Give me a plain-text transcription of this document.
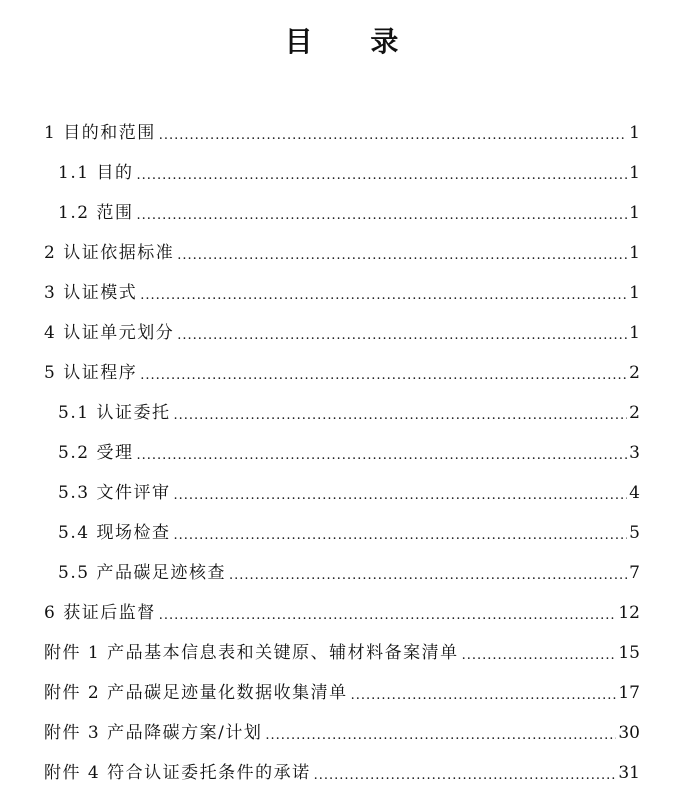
目 录
1 目的和范围 .....	1
1.1 目的 .....	1
1.2 范围 .....	1
2 认证依据标准 .....	1
3 认证模式 .....	1
4 认证单元划分 .....	1
5 认证程序 .....	2
5.1 认证委托 .....	2
5.2 受理 .....	3
5.3 文件评审 .....	4
5.4 现场检查 .....	5
5.5 产品碳足迹核查 .....	7
6 获证后监督 .....	12
附件 1 产品基本信息表和关键原、辅材料备案清单 .....	15
附件 2 产品碳足迹量化数据收集清单 .....	17
附件 3 产品降碳方案/计划 .....	30
附件 4 符合认证委托条件的承诺 .....	31
